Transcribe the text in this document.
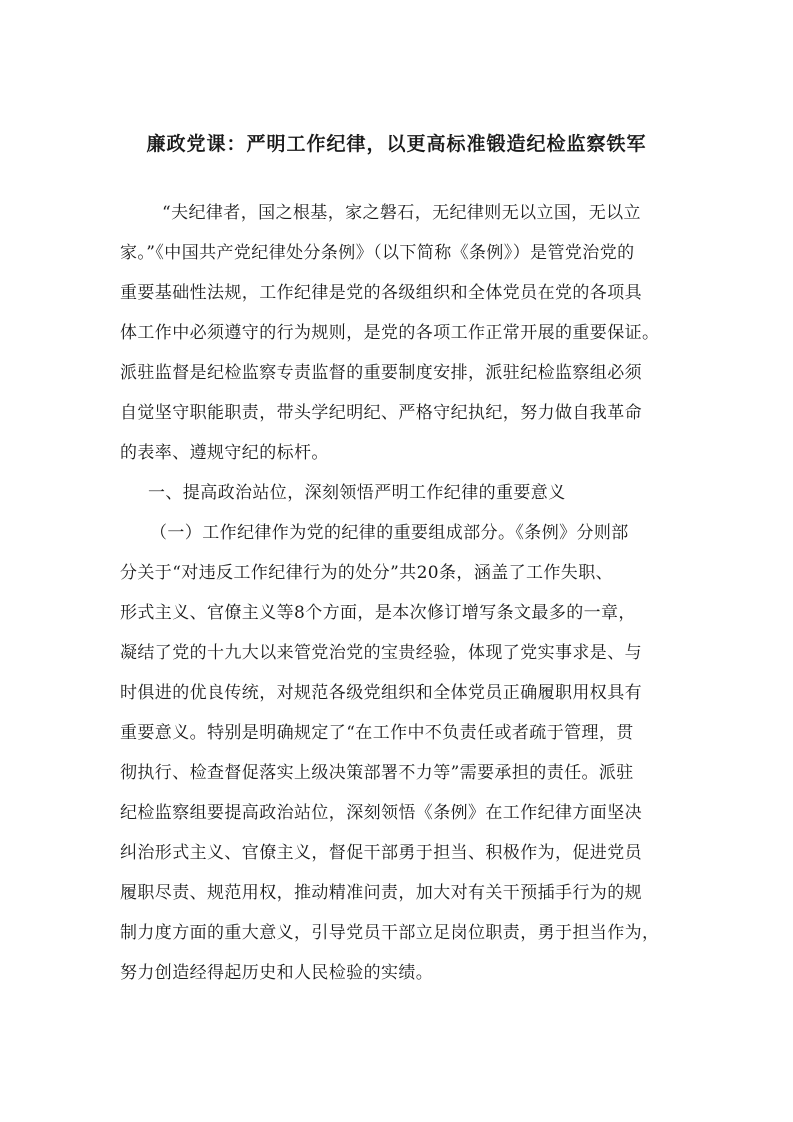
廉政党课：严明工作纪律，以更高标准锻造纪检监察铁军
“夫纪律者，国之根基，家之磐石，无纪律则无以立国，无以立
家。”《中国共产党纪律处分条例》（以下简称《条例》）是管党治党的
重要基础性法规，工作纪律是党的各级组织和全体党员在党的各项具
体工作中必须遵守的行为规则，是党的各项工作正常开展的重要保证。
派驻监督是纪检监察专责监督的重要制度安排，派驻纪检监察组必须
自觉坚守职能职责，带头学纪明纪、严格守纪执纪，努力做自我革命
的表率、遵规守纪的标杆。
一、提高政治站位，深刻领悟严明工作纪律的重要意义
（一）工作纪律作为党的纪律的重要组成部分。《条例》分则部
分关于“对违反工作纪律行为的处分”共20条，涵盖了工作失职、
形式主义、官僚主义等8个方面，是本次修订增写条文最多的一章，
凝结了党的十九大以来管党治党的宝贵经验，体现了党实事求是、与
时俱进的优良传统，对规范各级党组织和全体党员正确履职用权具有
重要意义。特别是明确规定了“在工作中不负责任或者疏于管理，贯
彻执行、检查督促落实上级决策部署不力等”需要承担的责任。派驻
纪检监察组要提高政治站位，深刻领悟《条例》在工作纪律方面坚决
纠治形式主义、官僚主义，督促干部勇于担当、积极作为，促进党员
履职尽责、规范用权，推动精准问责，加大对有关干预插手行为的规
制力度方面的重大意义，引导党员干部立足岗位职责，勇于担当作为，
努力创造经得起历史和人民检验的实绩。
